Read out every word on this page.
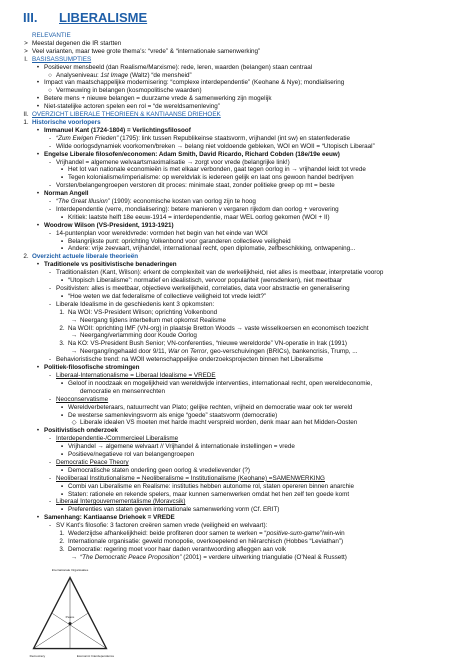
III. LIBERALISME
RELEVANTIE
> Meestal degenen die IR startten
> Veel varianten, maar twee grote thema’s: “vrede” & “internationale samenwerking”
I. BASISASSUMPTIES
• Positiever mensbeeld (dan Realisme/Marxisme): rede, leren, waarden (belangen) staan centraal
○ Analyseniveau: 1st Image (Waltz) “de mensheid”
• Impact van maatschappelijke modernisering: “complexe interdependentie” (Keohane & Nye); mondialisering
○ Vermeuwing in belangen (kosmopolitische waarden)
• Betere mens + nieuwe belangen = duurzame vrede & samenwerking zijn mogelijk
• Niet-statelijke actoren spelen een rol = “de wereldsamenleving”
II. OVERZICHT LIBERALE THEORIEËN & KANTIAANSE DRIEHOEK
1. Historische voorlopers
• Immanuel Kant (1724-1804) = Verlichtingsfilosoof
- “Zum Ewigen Frieden” (1795): link tussen Republikeinse staatsvorm, vrijhandel (int sw) en statenfederatie
- Wilde oorlogsdynamiek voorkomen/breken → belang niet voldoende gebleken, WOI en WOII = “Utopisch Liberaal”
• Engelse Liberale filosofen/economen: Adam Smith, David Ricardo, Richard Cobden (18e/19e eeuw)
- Vrijhandel = algemene welvaartsmaximalisatie → zorgt voor vrede (belangrijke link!)
▪ Het lot van nationale economieën is met elkaar verbonden, gaat tegen oorlog in → vrijhandel leidt tot vrede
▪ Tegen kolonialisme/imperialisme: op wereldvlak is iedereen gelijk en laat ons gewoon handel bedrijven
- Vorsten/belangengroepen verstoren dit proces: minimale staat, zonder politieke greep op mt = beste
• Norman Angell
- “The Great Illusion” (1909): economische kosten van oorlog zijn te hoog
- Interdependentie (verre, mondialisering): betere manieren v vergaren rijkdom dan oorlog + verovering
▪ Kritiek: laatste helft 18e eeuw-1914 = interdependentie, maar WEL oorlog gekomen (WOI + II)
• Woodrow Wilson (VS-President, 1913-1921)
- 14-puntenplan voor wereldvrede: vormden het begin van het einde van WOI
▪ Belangrijkste punt: oprichting Volkenbond voor garanderen collectieve veiligheid
▪ Andere: vrije zeevaart, vrijhandel, internationaal recht, open diplomatie, zelfbeschikking, ontwapening...
2. Overzicht actuele liberale theorieën
• Traditionele vs positivistische benaderingen
- Traditionalisten (Kant, Wilson): erkent de complexiteit van de werkelijkheid, niet alles is meetbaar, interpretatie voorop
▪ “Utopisch Liberalisme”: normatief en idealistisch, vervoor populariteit (wensdenken), niet meetbaar
- Positivisten: alles is meetbaar, objectieve werkelijkheid, correlaties, data voor abstractie en generalisering
▪ “Hoe weten we dat federalisme of collectieve veiligheid tot vrede leidt?”
- Liberale Idealisme in de geschiedenis kent 3 opkomsten:
1. Na WOI: VS-President Wilson; oprichting Volkenbond
→ Neergang tijdens interbellum met opkomst Realisme
2. Na WOII: oprichting IMF (VN-org) in plaatsje Bretton Woods → vaste wisselkoersen en economisch toezicht
→ Neergang/verlamming door Koude Oorlog
3. Na KO: VS-President Bush Senior; VN-conferenties, “nieuwe wereldorde” VN-operatie in Irak (1991)
→ Neergang/ingehaald door 9/11, War on Terror, geo-verschuivingen (BRICs), bankencrisis, Trump, ...
- Behavioristische trend: na WOII wetenschappelijke onderzoeksprojecten binnen het Liberalisme
• Politiek-filosofische stromingen
- Liberaal-Internationalisme = Liberaal Idealisme = VREDE
▪ Geloof in noodzaak en mogelijkheid van wereldwijde interventies, internationaal recht, open wereldeconomie,
democratie en mensenrechten
- Neoconservatisme
▪ Wereldverbeteraars, natuurrecht van Plato; gelijke rechten, vrijheid en democratie waar ook ter wereld
▪ De westerse samenlevingsvorm als enige “goede” staatsvorm (democratie)
◇ Liberale idealen VS moeten met harde macht verspreid worden, denk maar aan het Midden-Oosten
• Positivistisch onderzoek
- Interdependentie-/Commercieel Liberalisme
▪ Vrijhandel → algemene welvaart // Vrijhandel & internationale instellingen = vrede
▪ Positieve/negatieve rol van belangengroepen
- Democratic Peace Theory
▪ Democratische staten onderling geen oorlog & vredelievender (?)
- Neoliberaal Institutionalisme = Neoliberalisme = Institutionalisme (Keohane) =SAMENWERKING
▪ Combi van Liberalisme en Realisme: instituties hebben autonome rol, staten opereren binnen anarchie
▪ Staten: rationele en rekende spelers, maar kunnen samenwerken omdat het hen zelf ten goede komt
- Liberaal Intergouvernementalisme (Moravcsik)
▪ Preferenties van staten geven internationale samenwerking vorm (Cf. ERIT)
• Samenhang: Kantiaanse Driehoek = VREDE
- SV Kant’s filosofie: 3 factoren creëren samen vrede (veiligheid en welvaart):
1. Wederzijdse afhankelijkheid: beide profiteren door samen te werken = “positive-sum-game”/win-win
2. Internationale organisatie: geweld monopolie, overkoepelend en hiërarchisch (Hobbes “Leviathan”)
3. Democratie: regering moet voor haar daden verantwoording afleggen aan volk
→ “The Democratic Peace Proposition” (2001) = verdere uitwerking triangulatie (O’Neal & Russett)
Internationale Organisaties
Peace
Democracy	Economic Interdependence
